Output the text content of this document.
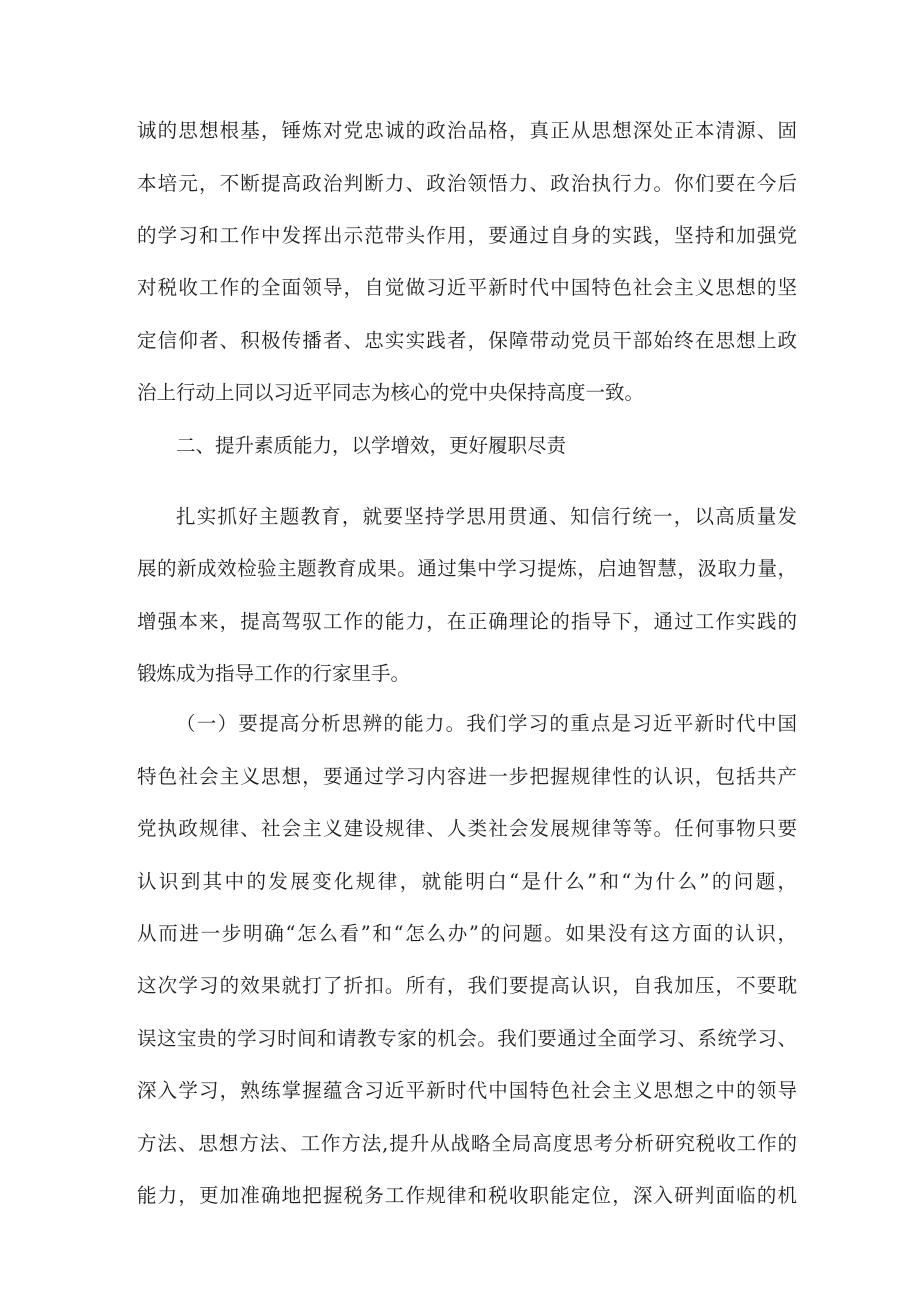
诚的思想根基，锤炼对党忠诚的政治品格，真正从思想深处正本清源、固

本培元，不断提高政治判断力、政治领悟力、政治执行力。你们要在今后

的学习和工作中发挥出示范带头作用，要通过自身的实践，坚持和加强党

对税收工作的全面领导，自觉做习近平新时代中国特色社会主义思想的坚

定信仰者、积极传播者、忠实实践者，保障带动党员干部始终在思想上政

治上行动上同以习近平同志为核心的党中央保持高度一致。

二、提升素质能力，以学增效，更好履职尽责

扎实抓好主题教育，就要坚持学思用贯通、知信行统一，以高质量发

展的新成效检验主题教育成果。通过集中学习提炼，启迪智慧，汲取力量，

增强本来，提高驾驭工作的能力，在正确理论的指导下，通过工作实践的

锻炼成为指导工作的行家里手。

（一）要提高分析思辨的能力。我们学习的重点是习近平新时代中国

特色社会主义思想，要通过学习内容进一步把握规律性的认识，包括共产

党执政规律、社会主义建设规律、人类社会发展规律等等。任何事物只要

认识到其中的发展变化规律，就能明白“是什么”和“为什么”的问题，

从而进一步明确“怎么看”和“怎么办”的问题。如果没有这方面的认识，

这次学习的效果就打了折扣。所有，我们要提高认识，自我加压，不要耽

误这宝贵的学习时间和请教专家的机会。我们要通过全面学习、系统学习、

深入学习，熟练掌握蕴含习近平新时代中国特色社会主义思想之中的领导

方法、思想方法、工作方法,提升从战略全局高度思考分析研究税收工作的

能力，更加准确地把握税务工作规律和税收职能定位，深入研判面临的机
